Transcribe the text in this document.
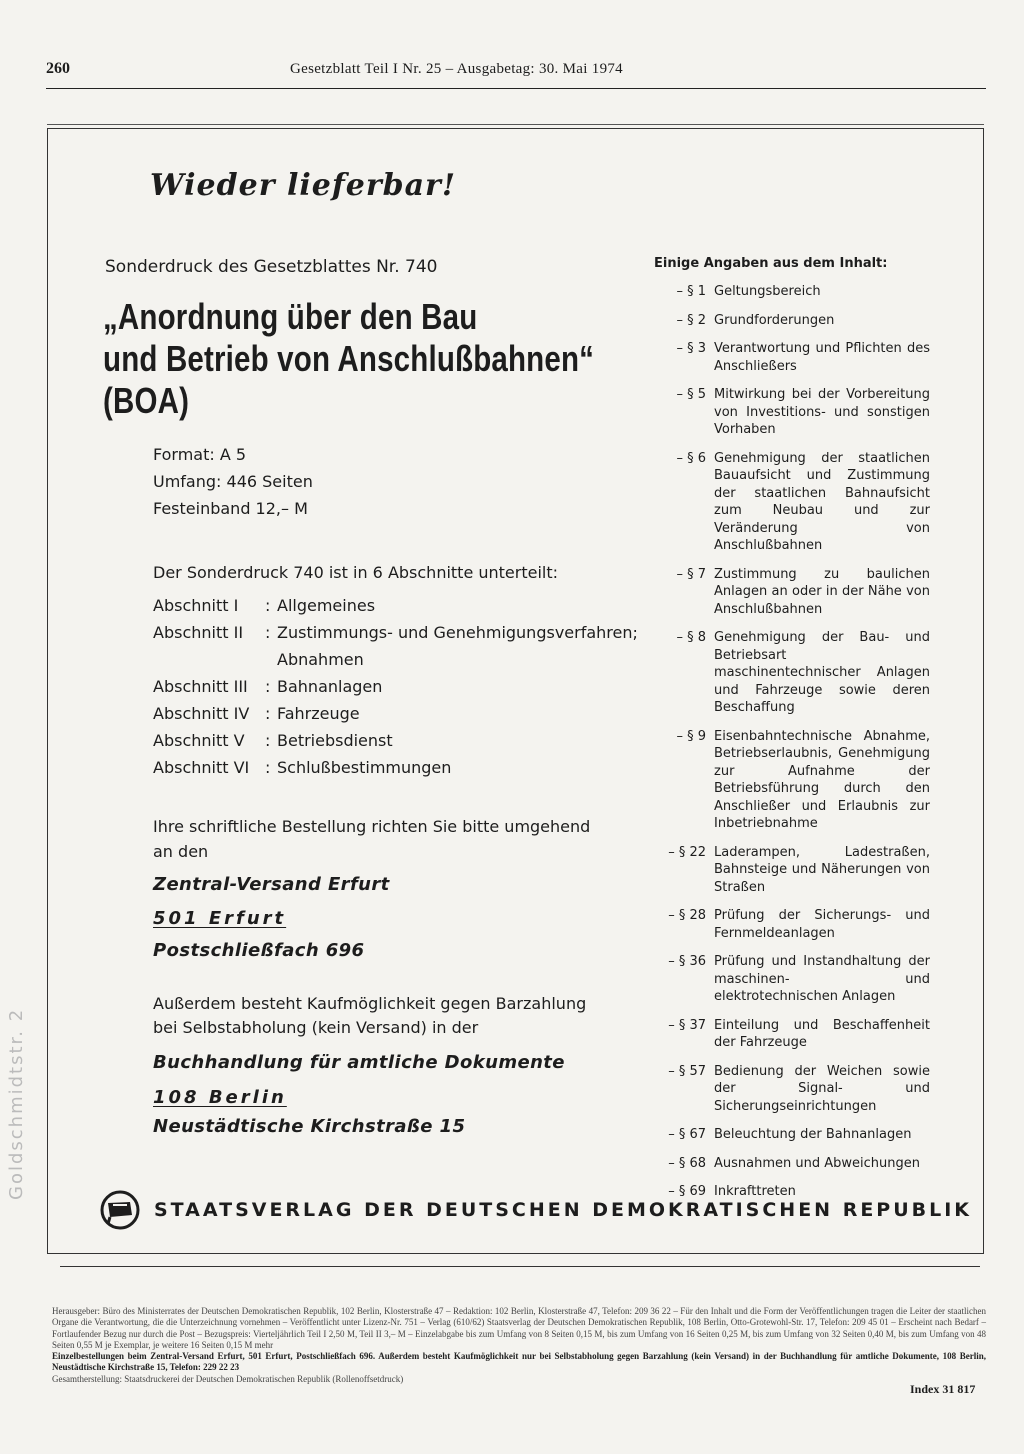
260	Gesetzblatt Teil I Nr. 25 – Ausgabetag: 30. Mai 1974
Wieder lieferbar!
Sonderdruck des Gesetzblattes Nr. 740
„Anordnung über den Bau
und Betrieb von Anschlußbahnen“
(BOA)
Format: A 5
Umfang: 446 Seiten
Festeinband 12,– M
Der Sonderdruck 740 ist in 6 Abschnitte unterteilt:
Abschnitt I	: Allgemeines
Abschnitt II	: Zustimmungs- und Genehmigungsverfahren;
Abnahmen
Abschnitt III	: Bahnanlagen
Abschnitt IV : Fahrzeuge
Abschnitt V	: Betriebsdienst
Abschnitt VI : Schlußbestimmungen
Ihre schriftliche Bestellung richten Sie bitte umgehend an den
Zentral-Versand Erfurt
501 Erfurt
Postschließfach 696
Außerdem besteht Kaufmöglichkeit gegen Barzahlung bei Selbstabholung (kein Versand) in der
Buchhandlung für amtliche Dokumente
108 Berlin
Neustädtische Kirchstraße 15
Einige Angaben aus dem Inhalt:
– § 1 Geltungsbereich
– § 2 Grundforderungen
– § 3 Verantwortung und Pflichten des Anschließers
– § 5 Mitwirkung bei der Vorbereitung von Investitions- und sonstigen Vorhaben
– § 6 Genehmigung der staatlichen Bauaufsicht und Zustimmung der staatlichen Bahnaufsicht zum Neubau und zur Veränderung von Anschlußbahnen
– § 7 Zustimmung zu baulichen Anlagen an oder in der Nähe von Anschlußbahnen
– § 8 Genehmigung der Bau- und Betriebsart maschinentechnischer Anlagen und Fahrzeuge sowie deren Beschaffung
– § 9 Eisenbahntechnische Abnahme, Betriebserlaubnis, Genehmigung zur Aufnahme der Betriebsführung durch den Anschließer und Erlaubnis zur Inbetriebnahme
– § 22 Laderampen, Ladestraßen, Bahnsteige und Näherungen von Straßen
– § 28 Prüfung der Sicherungs- und Fernmeldeanlagen
– § 36 Prüfung und Instandhaltung der maschinen- und elektrotechnischen Anlagen
– § 37 Einteilung und Beschaffenheit der Fahrzeuge
– § 57 Bedienung der Weichen sowie der Signal- und Sicherungseinrichtungen
– § 67 Beleuchtung der Bahnanlagen
– § 68 Ausnahmen und Abweichungen
– § 69 Inkrafttreten
STAATSVERLAG DER DEUTSCHEN DEMOKRATISCHEN REPUBLIK
Goldschmidtstr. 2
Herausgeber: Büro des Ministerrates der Deutschen Demokratischen Republik, 102 Berlin, Klosterstraße 47 – Redaktion: 102 Berlin, Klosterstraße 47, Telefon: 209 36 22 – Für den Inhalt und die Form der Veröffentlichungen tragen die Leiter der staatlichen Organe die Verantwortung, die die Unterzeichnung vornehmen – Veröffentlicht unter Lizenz-Nr. 751 – Verlag (610/62) Staatsverlag der Deutschen Demokratischen Republik, 108 Berlin, Otto-Grotewohl-Str. 17, Telefon: 209 45 01 – Erscheint nach Bedarf – Fortlaufender Bezug nur durch die Post – Bezugspreis: Vierteljährlich Teil I 2,50 M, Teil II 3,– M – Einzelabgabe bis zum Umfang von 8 Seiten 0,15 M, bis zum Umfang von 16 Seiten 0,25 M, bis zum Umfang von 32 Seiten 0,40 M, bis zum Umfang von 48 Seiten 0,55 M je Exemplar, je weitere 16 Seiten 0,15 M mehr
Einzelbestellungen beim Zentral-Versand Erfurt, 501 Erfurt, Postschließfach 696. Außerdem besteht Kaufmöglichkeit nur bei Selbstabholung gegen Barzahlung (kein Versand) in der Buchhandlung für amtliche Dokumente, 108 Berlin, Neustädtische Kirchstraße 15, Telefon: 229 22 23
Gesamtherstellung: Staatsdruckerei der Deutschen Demokratischen Republik (Rollenoffsetdruck)
Index 31 817
